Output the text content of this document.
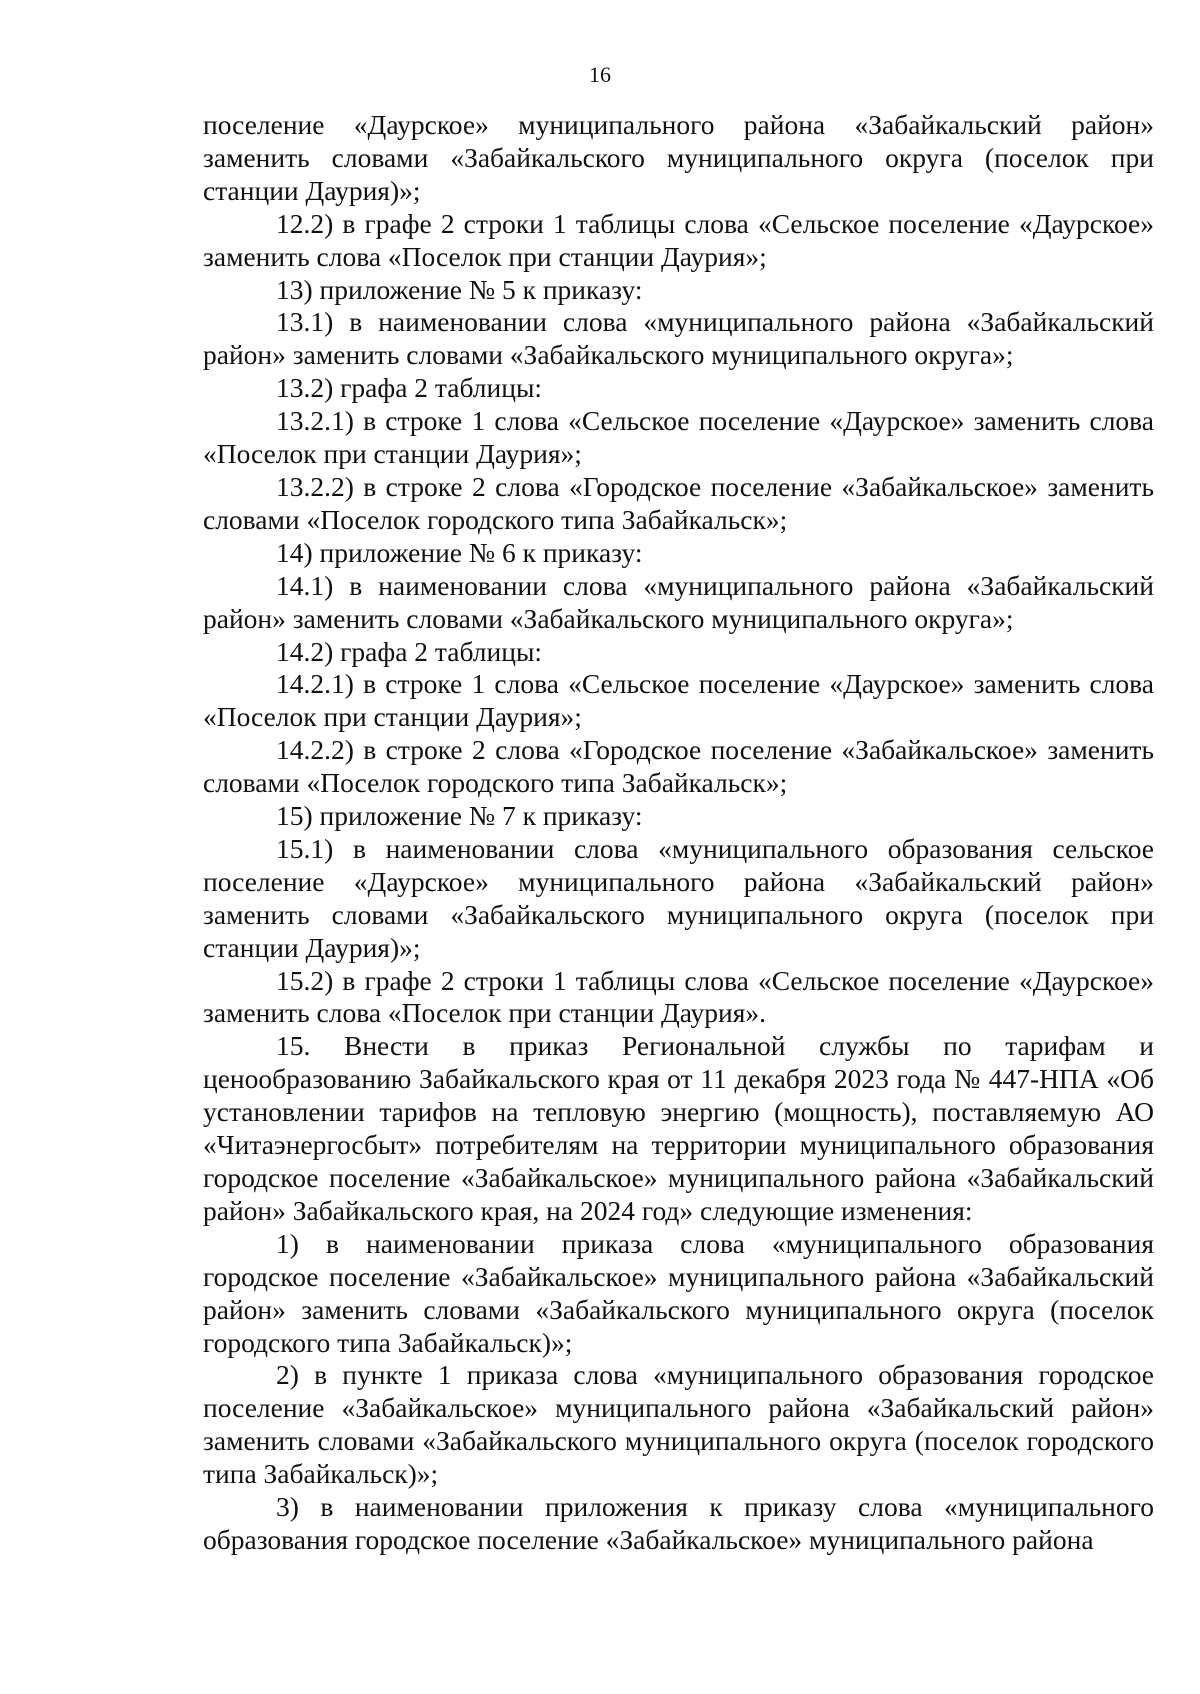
16

поселение «Даурское» муниципального района «Забайкальский район» заменить словами «Забайкальского муниципального округа (поселок при станции Даурия)»;

12.2) в графе 2 строки 1 таблицы слова «Сельское поселение «Даурское» заменить слова «Поселок при станции Даурия»;

13) приложение № 5 к приказу:

13.1) в наименовании слова «муниципального района «Забайкальский район» заменить словами «Забайкальского муниципального округа»;

13.2) графа 2 таблицы:

13.2.1) в строке 1 слова «Сельское поселение «Даурское» заменить слова «Поселок при станции Даурия»;

13.2.2) в строке 2 слова «Городское поселение «Забайкальское» заменить словами «Поселок городского типа Забайкальск»;

14) приложение № 6 к приказу:

14.1) в наименовании слова «муниципального района «Забайкальский район» заменить словами «Забайкальского муниципального округа»;

14.2) графа 2 таблицы:

14.2.1) в строке 1 слова «Сельское поселение «Даурское» заменить слова «Поселок при станции Даурия»;

14.2.2) в строке 2 слова «Городское поселение «Забайкальское» заменить словами «Поселок городского типа Забайкальск»;

15) приложение № 7 к приказу:

15.1) в наименовании слова «муниципального образования сельское поселение «Даурское» муниципального района «Забайкальский район» заменить словами «Забайкальского муниципального округа (поселок при станции Даурия)»;

15.2) в графе 2 строки 1 таблицы слова «Сельское поселение «Даурское» заменить слова «Поселок при станции Даурия».

15. Внести в приказ Региональной службы по тарифам и ценообразованию Забайкальского края от 11 декабря 2023 года № 447-НПА «Об установлении тарифов на тепловую энергию (мощность), поставляемую АО «Читаэнергосбыт» потребителям на территории муниципального образования городское поселение «Забайкальское» муниципального района «Забайкальский район» Забайкальского края, на 2024 год» следующие изменения:

1) в наименовании приказа слова «муниципального образования городское поселение «Забайкальское» муниципального района «Забайкальский район» заменить словами «Забайкальского муниципального округа (поселок городского типа Забайкальск)»;

2) в пункте 1 приказа слова «муниципального образования городское поселение «Забайкальское» муниципального района «Забайкальский район» заменить словами «Забайкальского муниципального округа (поселок городского типа Забайкальск)»;

3) в наименовании приложения к приказу слова «муниципального образования городское поселение «Забайкальское» муниципального района
